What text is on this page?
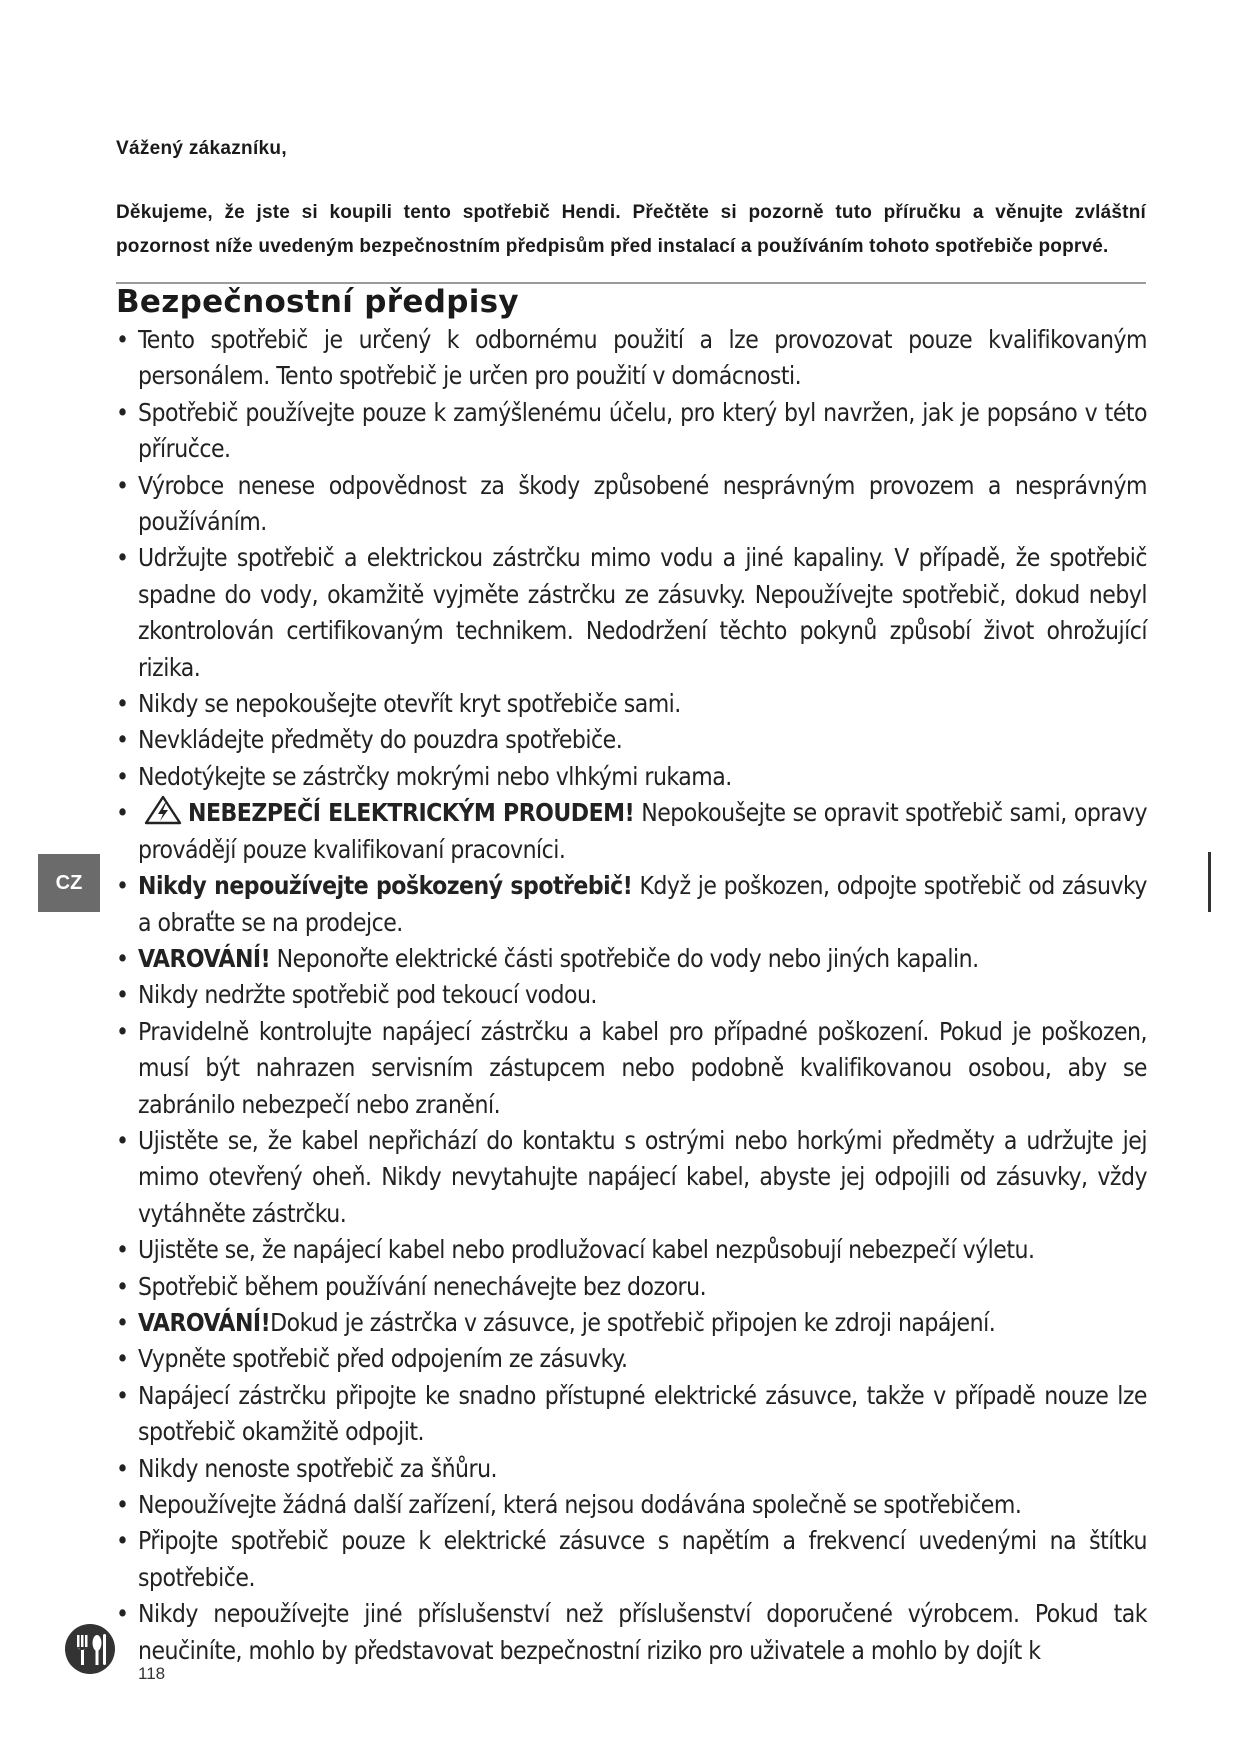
Vážený zákazníku,
Děkujeme, že jste si koupili tento spotřebič Hendi. Přečtěte si pozorně tuto příručku a věnujte zvláštní pozornost níže uvedeným bezpečnostním předpisům před instalací a používáním tohoto spotřebiče poprvé.
Bezpečnostní předpisy
• Tento spotřebič je určený k odbornému použití a lze provozovat pouze kvalifikovaným personálem. Tento spotřebič je určen pro použití v domácnosti.
• Spotřebič používejte pouze k zamýšlenému účelu, pro který byl navržen, jak je popsáno v této příručce.
• Výrobce nenese odpovědnost za škody způsobené nesprávným provozem a nesprávným používáním.
• Udržujte spotřebič a elektrickou zástrčku mimo vodu a jiné kapaliny. V případě, že spotřebič spadne do vody, okamžitě vyjměte zástrčku ze zásuvky. Nepoužívejte spotřebič, dokud nebyl zkontrolován certifikovaným technikem. Nedodržení těchto pokynů způsobí život ohrožující rizika.
• Nikdy se nepokoušejte otevřít kryt spotřebiče sami.
• Nevkládejte předměty do pouzdra spotřebiče.
• Nedotýkejte se zástrčky mokrými nebo vlhkými rukama.
• NEBEZPEČÍ ELEKTRICKÝM PROUDEM! Nepokoušejte se opravit spotřebič sami, opravy provádějí pouze kvalifikovaní pracovníci.
• Nikdy nepoužívejte poškozený spotřebič! Když je poškozen, odpojte spotřebič od zásuvky a obraťte se na prodejce.
• VAROVÁNÍ! Neponořte elektrické části spotřebiče do vody nebo jiných kapalin.
• Nikdy nedržte spotřebič pod tekoucí vodou.
• Pravidelně kontrolujte napájecí zástrčku a kabel pro případné poškození. Pokud je poškozen, musí být nahrazen servisním zástupcem nebo podobně kvalifikovanou osobou, aby se zabránilo nebezpečí nebo zranění.
• Ujistěte se, že kabel nepřichází do kontaktu s ostrými nebo horkými předměty a udržujte jej mimo otevřený oheň. Nikdy nevytahujte napájecí kabel, abyste jej odpojili od zásuvky, vždy vytáhněte zástrčku.
• Ujistěte se, že napájecí kabel nebo prodlužovací kabel nezpůsobují nebezpečí výletu.
• Spotřebič během používání nenechávejte bez dozoru.
• VAROVÁNÍ!Dokud je zástrčka v zásuvce, je spotřebič připojen ke zdroji napájení.
• Vypněte spotřebič před odpojením ze zásuvky.
• Napájecí zástrčku připojte ke snadno přístupné elektrické zásuvce, takže v případě nouze lze spotřebič okamžitě odpojit.
• Nikdy nenoste spotřebič za šňůru.
• Nepoužívejte žádná další zařízení, která nejsou dodávána společně se spotřebičem.
• Připojte spotřebič pouze k elektrické zásuvce s napětím a frekvencí uvedenými na štítku spotřebiče.
• Nikdy nepoužívejte jiné příslušenství než příslušenství doporučené výrobcem. Pokud tak neučiníte, mohlo by představovat bezpečnostní riziko pro uživatele a mohlo by dojít k
CZ
118
